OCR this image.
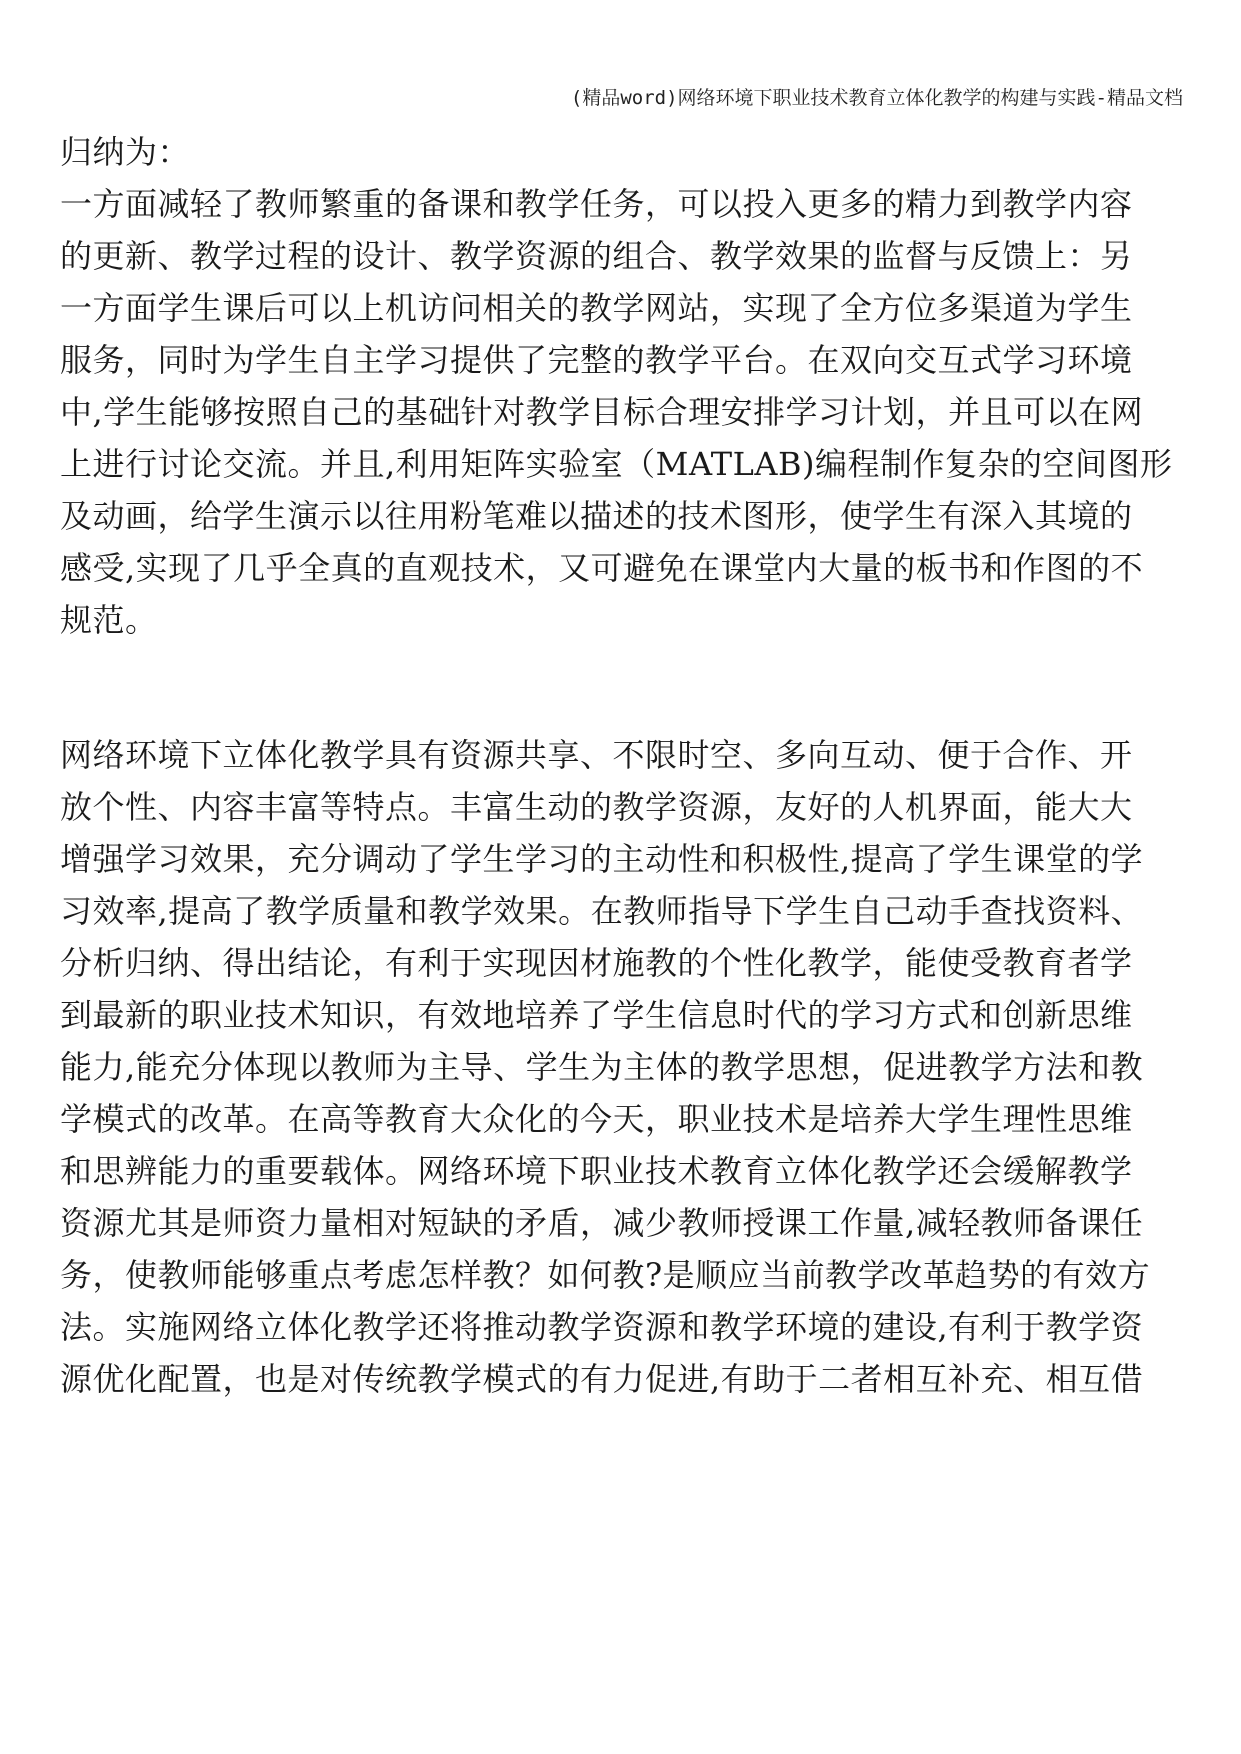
(精品word)网络环境下职业技术教育立体化教学的构建与实践-精品文档
归纳为：
一方面减轻了教师繁重的备课和教学任务，可以投入更多的精力到教学内容
的更新、教学过程的设计、教学资源的组合、教学效果的监督与反馈上：另
一方面学生课后可以上机访问相关的教学网站，实现了全方位多渠道为学生
服务，同时为学生自主学习提供了完整的教学平台。在双向交互式学习环境
中,学生能够按照自己的基础针对教学目标合理安排学习计划，并且可以在网
上进行讨论交流。并且,利用矩阵实验室（MATLAB)编程制作复杂的空间图形
及动画，给学生演示以往用粉笔难以描述的技术图形，使学生有深入其境的
感受,实现了几乎全真的直观技术，又可避免在课堂内大量的板书和作图的不
规范。
网络环境下立体化教学具有资源共享、不限时空、多向互动、便于合作、开
放个性、内容丰富等特点。丰富生动的教学资源，友好的人机界面，能大大
增强学习效果，充分调动了学生学习的主动性和积极性,提高了学生课堂的学
习效率,提高了教学质量和教学效果。在教师指导下学生自己动手查找资料、
分析归纳、得出结论，有利于实现因材施教的个性化教学，能使受教育者学
到最新的职业技术知识，有效地培养了学生信息时代的学习方式和创新思维
能力,能充分体现以教师为主导、学生为主体的教学思想，促进教学方法和教
学模式的改革。在高等教育大众化的今天，职业技术是培养大学生理性思维
和思辨能力的重要载体。网络环境下职业技术教育立体化教学还会缓解教学
资源尤其是师资力量相对短缺的矛盾，减少教师授课工作量,减轻教师备课任
务，使教师能够重点考虑怎样教？如何教?是顺应当前教学改革趋势的有效方
法。实施网络立体化教学还将推动教学资源和教学环境的建设,有利于教学资
源优化配置，也是对传统教学模式的有力促进,有助于二者相互补充、相互借
